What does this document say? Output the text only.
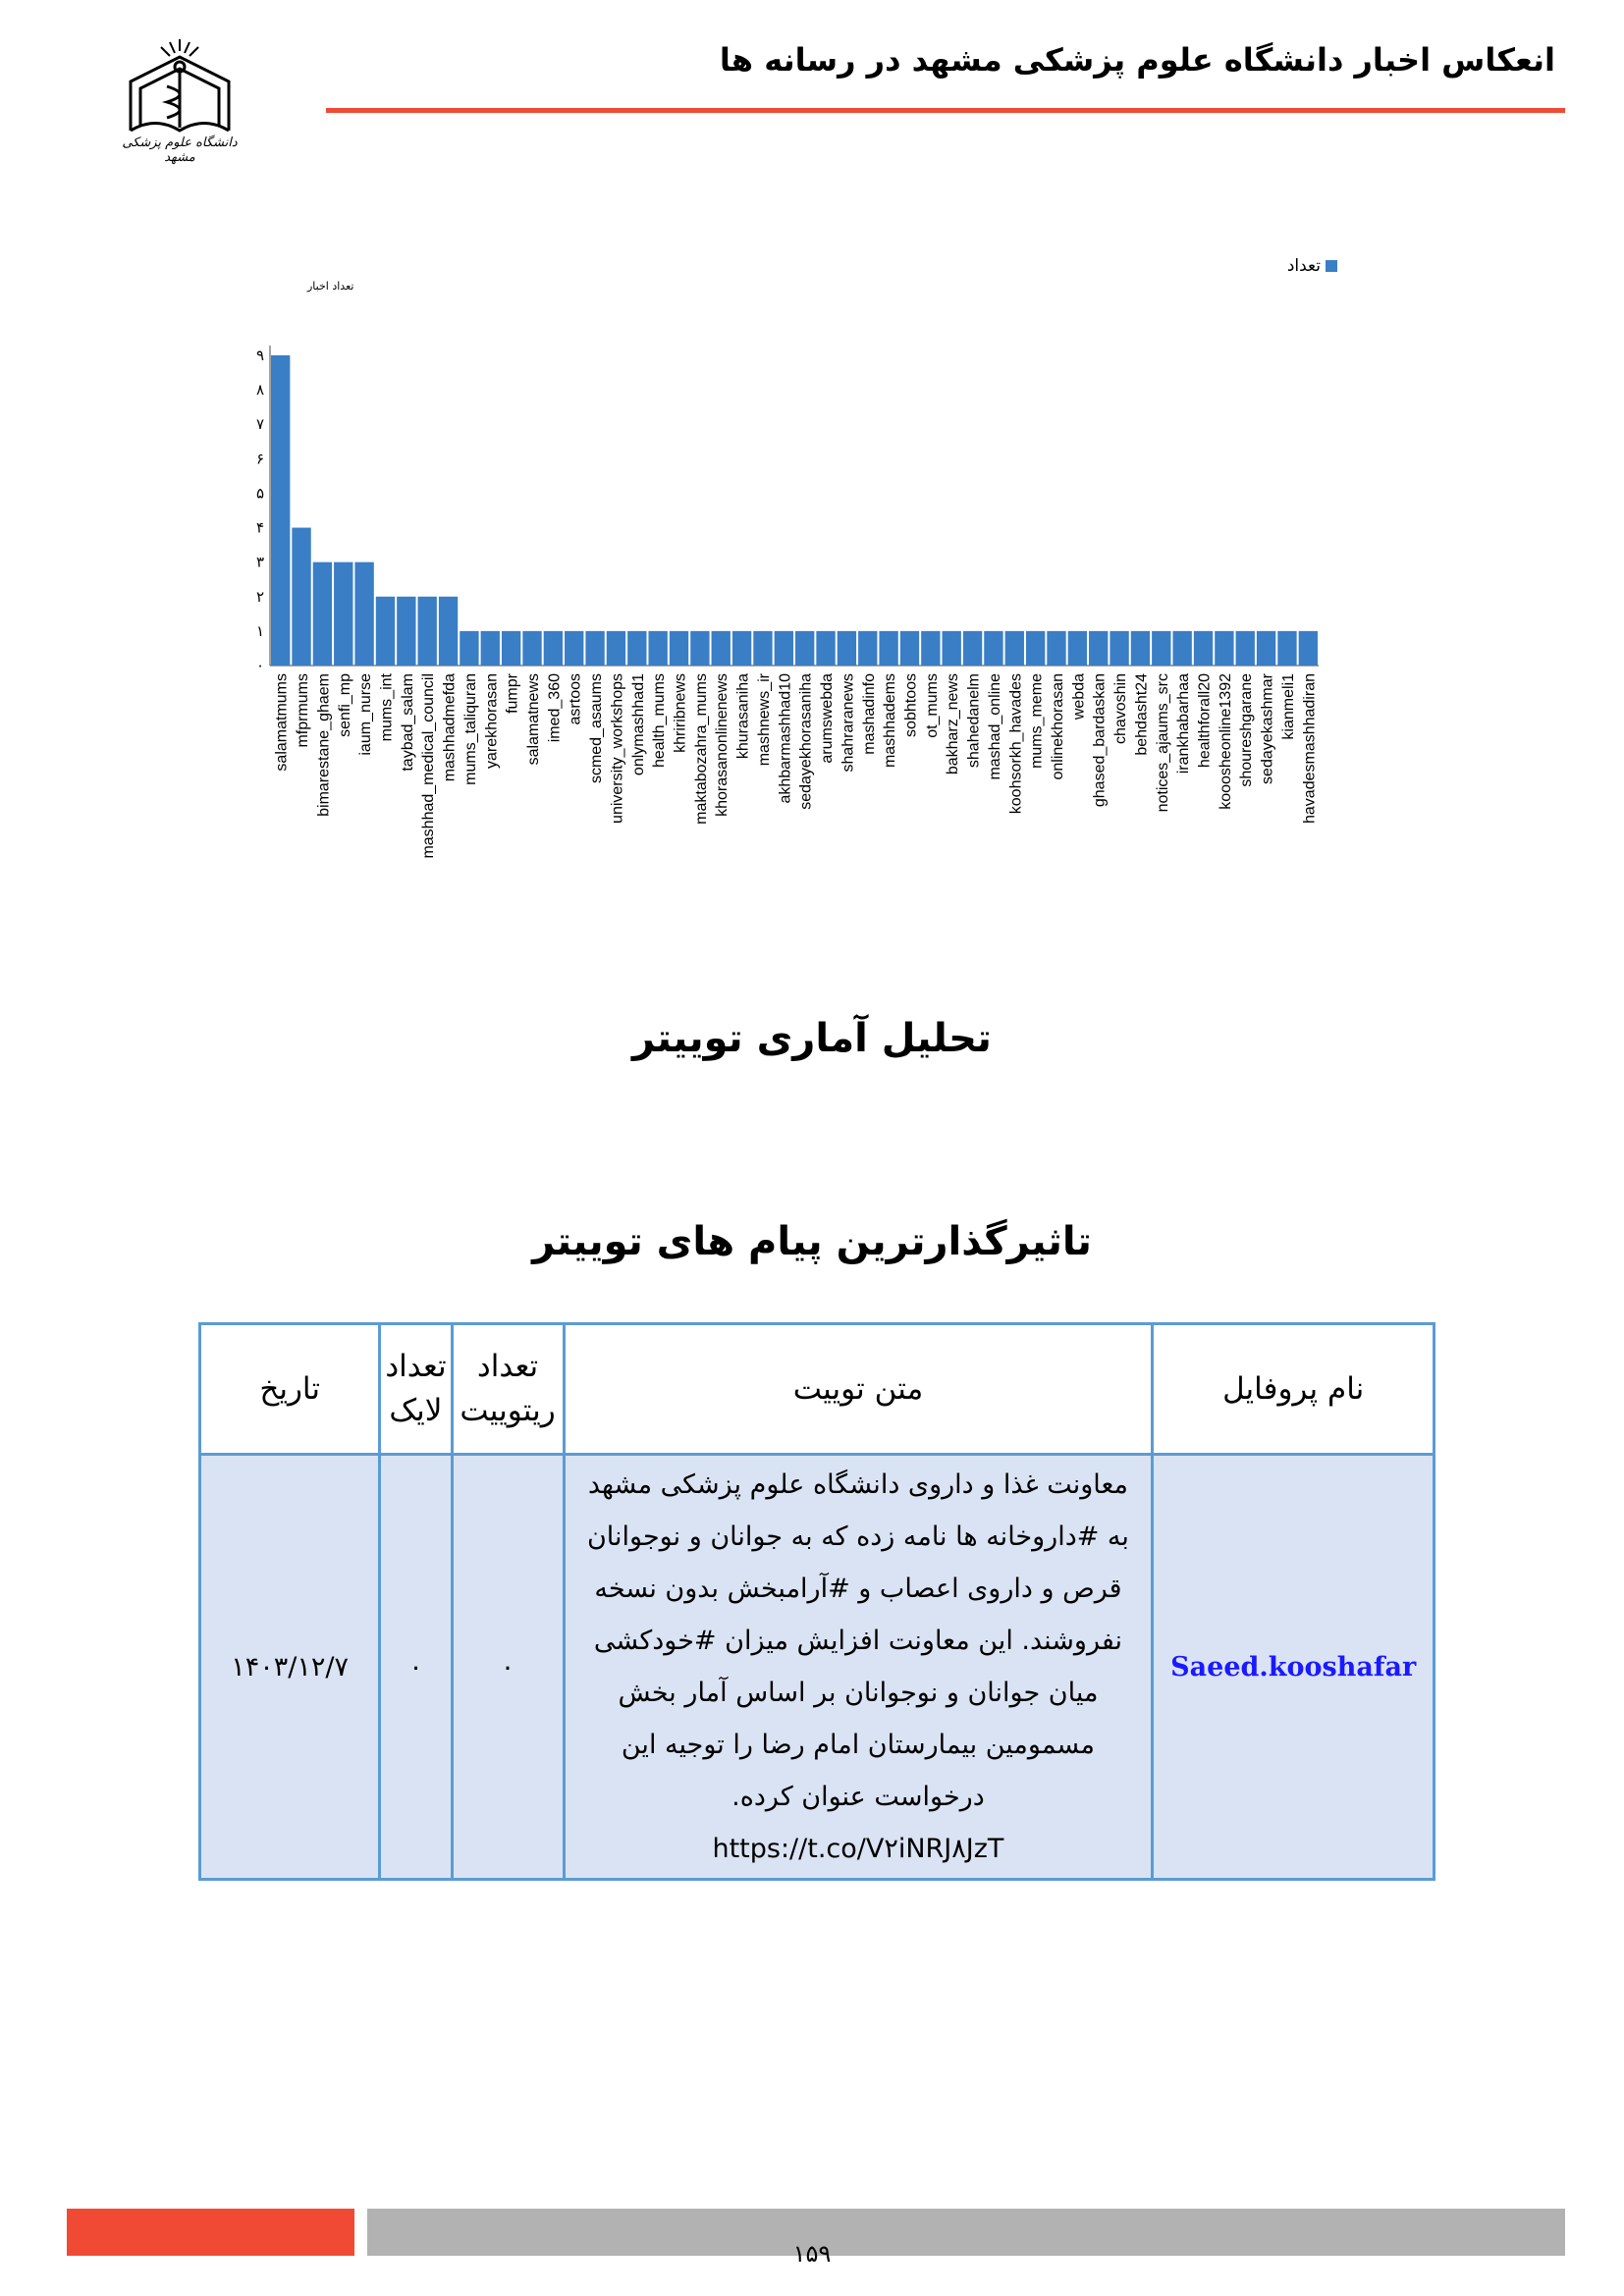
انعکاس اخبار دانشگاه علوم پزشکی مشهد در رسانه ها
دانشگاه علوم پزشکی مشهد
تعداد اخبار
تعداد
۰
۱
۲
۳
۴
۵
۶
۷
۸
۹
salamatmums mfprmums bimarestane_ghaem senfi_mp iaum_nurse mums_int taybad_salam mashhad_medical_council mashhadmefda mums_taliquran yarekhorasan fumpr salamatnews imed_360 asrtoos scmed_asaums university_workshops onlymashhad1 health_mums khriribnews maktabozahra_mums khorasanonlinenews khurasaniha mashnews_ir akhbarmashhad10 sedayekhorasaniha arumswebda shahraranews mashadinfo mashhadems sobhtoos ot_mums bakharz_news shahedanelm mashad_online koohsorkh_havades mums_meme onlinekhorasan webda ghased_bardaskan chavoshin behdasht24 notices_ajaums_src irankhabarhaa healthforall20 kooosheonline1392 shoureshgarane sedayekashmar kianmeli1 havadesmashhadiran
تحلیل آماری توییتر
تاثیرگذارترین پیام های توییتر
نام پروفایل	متن توییت	تعداد ریتوییت	تعداد لایک	تاریخ
Saeed.kooshafar	معاونت غذا و داروی دانشگاه علوم پزشکی مشهد به #داروخانه ها نامه زده که به جوانان و نوجوانان قرص و داروی اعصاب و #آرامبخش بدون نسخه نفروشند. این معاونت افزایش میزان #خودکشی میان جوانان و نوجوانان بر اساس آمار بخش مسمومین بیمارستان امام رضا را توجیه این درخواست عنوان کرده. https://t.co/V۲iNRJ۸JzT	۰	۰	۱۴۰۳/۱۲/۷
۱۵۹
